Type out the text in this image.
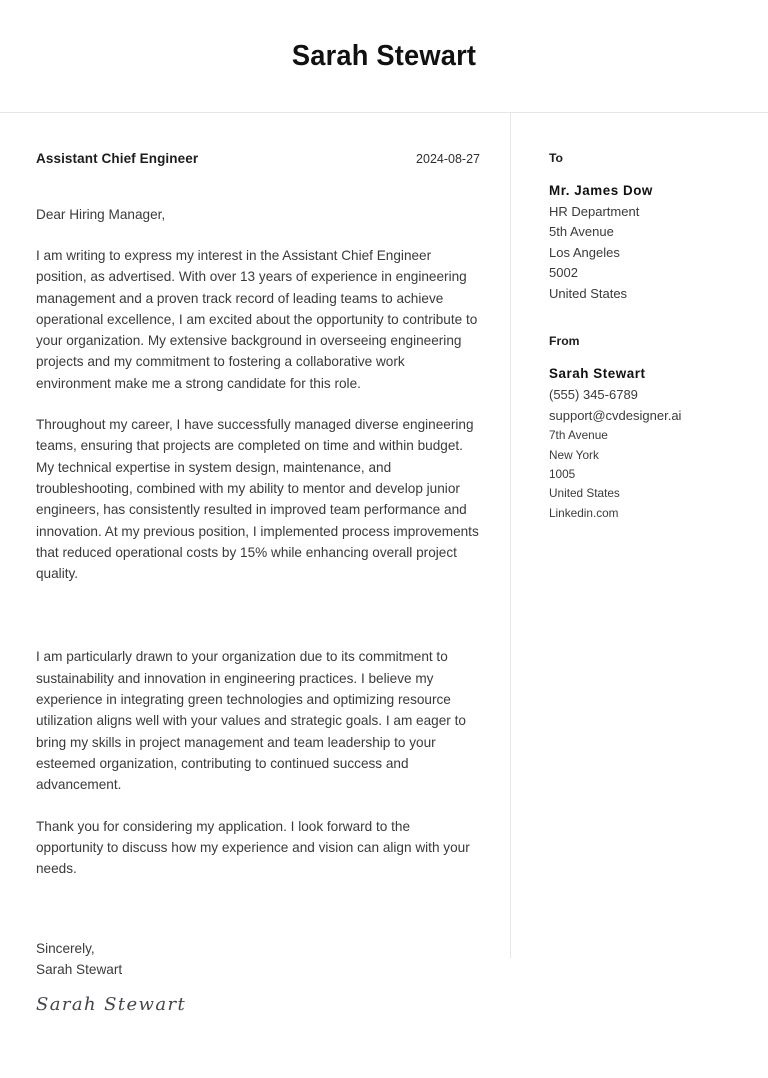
Sarah Stewart
Assistant Chief Engineer	2024-08-27
Dear Hiring Manager,

I am writing to express my interest in the Assistant Chief Engineer position, as advertised. With over 13 years of experience in engineering management and a proven track record of leading teams to achieve operational excellence, I am excited about the opportunity to contribute to your organization. My extensive background in overseeing engineering projects and my commitment to fostering a collaborative work environment make me a strong candidate for this role.

Throughout my career, I have successfully managed diverse engineering teams, ensuring that projects are completed on time and within budget. My technical expertise in system design, maintenance, and troubleshooting, combined with my ability to mentor and develop junior engineers, has consistently resulted in improved team performance and innovation. At my previous position, I implemented process improvements that reduced operational costs by 15% while enhancing overall project quality.

I am particularly drawn to your organization due to its commitment to sustainability and innovation in engineering practices. I believe my experience in integrating green technologies and optimizing resource utilization aligns well with your values and strategic goals. I am eager to bring my skills in project management and team leadership to your esteemed organization, contributing to continued success and advancement.

Thank you for considering my application. I look forward to the opportunity to discuss how my experience and vision can align with your needs.

Sincerely,
Sarah Stewart
Sarah Stewart
To
Mr. James Dow
HR Department
5th Avenue
Los Angeles
5002
United States
From
Sarah Stewart
(555) 345-6789
support@cvdesigner.ai
7th Avenue
New York
1005
United States
Linkedin.com
